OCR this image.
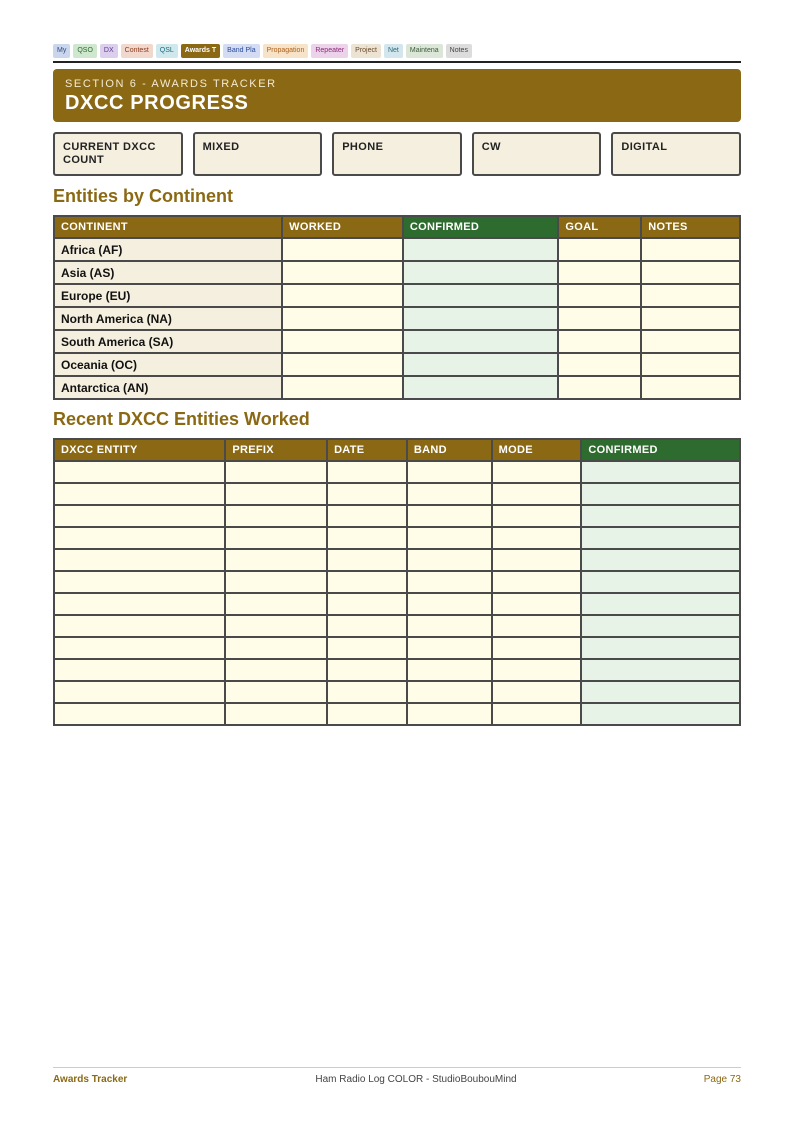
My	QSO	DX	Contest	QSL	Awards T	Band Pla	Propagation	Repeater	Project	Net	Maintena	Notes
SECTION 6 - AWARDS TRACKER
DXCC PROGRESS
CURRENT DXCC COUNT
MIXED	PHONE	CW	DIGITAL
Entities by Continent
CONTINENT	WORKED	CONFIRMED	GOAL	NOTES
Africa (AF)				
Asia (AS)				
Europe (EU)				
North America (NA)				
South America (SA)				
Oceania (OC)				
Antarctica (AN)				
Recent DXCC Entities Worked
DXCC ENTITY	PREFIX	DATE	BAND	MODE	CONFIRMED

Awards Tracker	Ham Radio Log COLOR - StudioBoubouMind	Page 73
